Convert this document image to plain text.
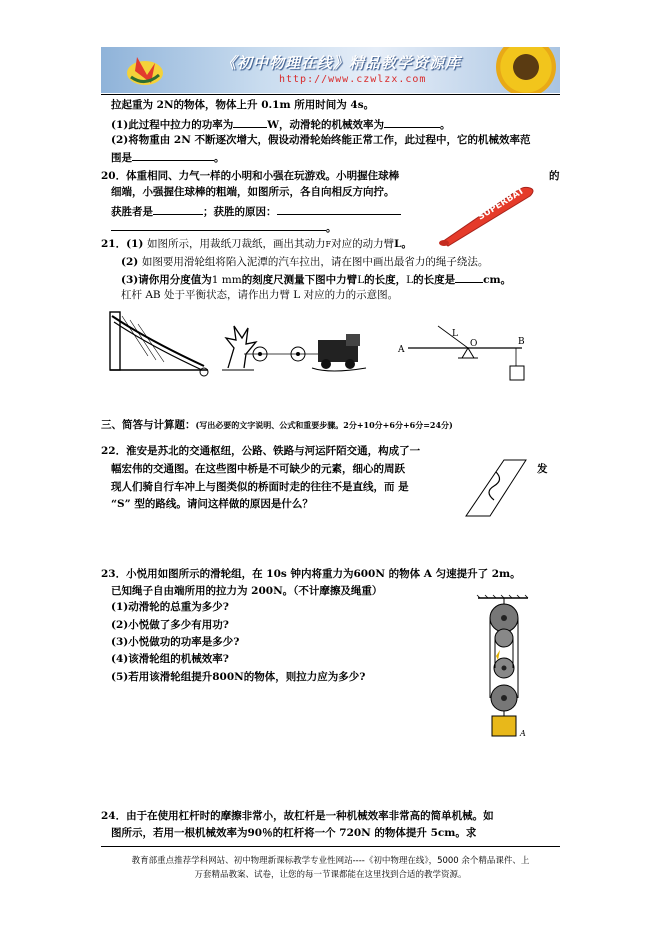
《初中物理在线》精品教学资源库
http://www.czwlzx.com
拉起重为 2N的物体，物体上升 0.1m 所用时间为 4s。
(1)此过程中拉力的功率为	W，动滑轮的机械效率为	。
(2)将物重由 2N 不断逐次增大，假设动滑轮始终能正常工作，此过程中，它的机械效率范
围是	。
20．体重相同、力气一样的小明和小强在玩游戏。小明握住球棒	的
细端，小强握住球棒的粗端，如图所示，各自向相反方向拧。
获胜者是	；获胜的原因：
。
SUPERBAT
21．(1) 如图所示，用裁纸刀裁纸，画出其动力F对应的动力臂L。
(2) 如图要用滑轮组将陷入泥潭的汽车拉出，请在图中画出最省力的绳子绕法。
(3)请你用分度值为1 mm的刻度尺测量下图中力臂L的长度，L的长度是	cm。
杠杆 AB 处于平衡状态，请作出力臂 L 对应的力的示意图。
A
O	B
L
三、简答与计算题：(写出必要的文字说明、公式和重要步骤。2分+10分+6分+6分=24分)
22．淮安是苏北的交通枢纽，公路、铁路与河运阡陌交通，构成了一
幅宏伟的交通图。在这些图中桥是不可缺少的元素，细心的周跃	发
现人们骑自行车冲上与图类似的桥面时走的往往不是直线，而 是
“S” 型的路线。请问这样做的原因是什么？
23．小悦用如图所示的滑轮组，在 10s 钟内将重力为600N 的物体 A 匀速提升了 2m。
已知绳子自由端所用的拉力为 200N。（不计摩擦及绳重）
(1)动滑轮的总重为多少?
(2)小悦做了多少有用功?
(3)小悦做功的功率是多少?
(4)该滑轮组的机械效率?
(5)若用该滑轮组提升800N的物体，则拉力应为多少?
A
24．由于在使用杠杆时的摩擦非常小，故杠杆是一种机械效率非常高的简单机械。如
图所示，若用一根机械效率为90％的杠杆将一个 720N 的物体提升 5cm。求
教育部重点推荐学科网站、初中物理新课标教学专业性网站----《初中物理在线》，5000 余个精品课件、上
万套精品教案、试卷，让您的每一节课都能在这里找到合适的教学资源。
